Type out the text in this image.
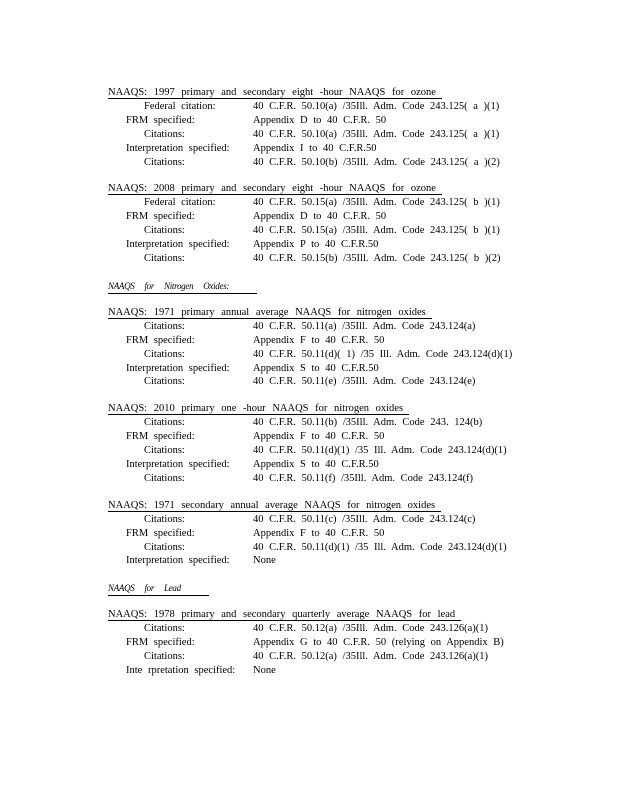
NAAQS: 1997 primary and secondary eight -hour NAAQS for ozone
Federal citation:	40 C.F.R. 50.10(a) /35Ill. Adm. Code 243.125( a )(1)
FRM specified:	Appendix D to 40 C.F.R. 50
Citations:	40 C.F.R. 50.10(a) /35Ill. Adm. Code 243.125( a )(1)
Interpretation specified: Appendix I to 40 C.F.R.50
Citations:	40 C.F.R. 50.10(b) /35Ill. Adm. Code 243.125( a )(2)
NAAQS: 2008 primary and secondary eight -hour NAAQS for ozone
Federal citation:	40 C.F.R. 50.15(a) /35Ill. Adm. Code 243.125( b )(1)
FRM specified:	Appendix D to 40 C.F.R. 50
Citations:	40 C.F.R. 50.15(a) /35Ill. Adm. Code 243.125( b )(1)
Interpretation specified: Appendix P to 40 C.F.R.50
Citations:	40 C.F.R. 50.15(b) /35Ill. Adm. Code 243.125( b )(2)
NAAQS for Nitrogen Oxides:
NAAQS: 1971 primary annual average NAAQS for nitrogen oxides
Citations:	40 C.F.R. 50.11(a) /35Ill. Adm. Code 243.124(a)
FRM specified:	Appendix F to 40 C.F.R. 50
Citations:	40 C.F.R. 50.11(d)( 1) /35 Ill. Adm. Code 243.124(d)(1)
Interpretation specified: Appendix S to 40 C.F.R.50
Citations:	40 C.F.R. 50.11(e) /35Ill. Adm. Code 243.124(e)
NAAQS: 2010 primary one -hour NAAQS for nitrogen oxides
Citations:	40 C.F.R. 50.11(b) /35Ill. Adm. Code 243. 124(b)
FRM specified:	Appendix F to 40 C.F.R. 50
Citations:	40 C.F.R. 50.11(d)(1) /35 Ill. Adm. Code 243.124(d)(1)
Interpretation specified: Appendix S to 40 C.F.R.50
Citations:	40 C.F.R. 50.11(f) /35Ill. Adm. Code 243.124(f)
NAAQS: 1971 secondary annual average NAAQS for nitrogen oxides
Citations:	40 C.F.R. 50.11(c) /35Ill. Adm. Code 243.124(c)
FRM specified:	Appendix F to 40 C.F.R. 50
Citations:	40 C.F.R. 50.11(d)(1) /35 Ill. Adm. Code 243.124(d)(1)
Interpretation specified: None
NAAQS for Lead
NAAQS: 1978 primary and secondary quarterly average NAAQS for lead
Citations:	40 C.F.R. 50.12(a) /35Ill. Adm. Code 243.126(a)(1)
FRM specified:	Appendix G to 40 C.F.R. 50 (relying on Appendix B)
Citations:	40 C.F.R. 50.12(a) /35Ill. Adm. Code 243.126(a)(1)
Inte rpretation specified: None
